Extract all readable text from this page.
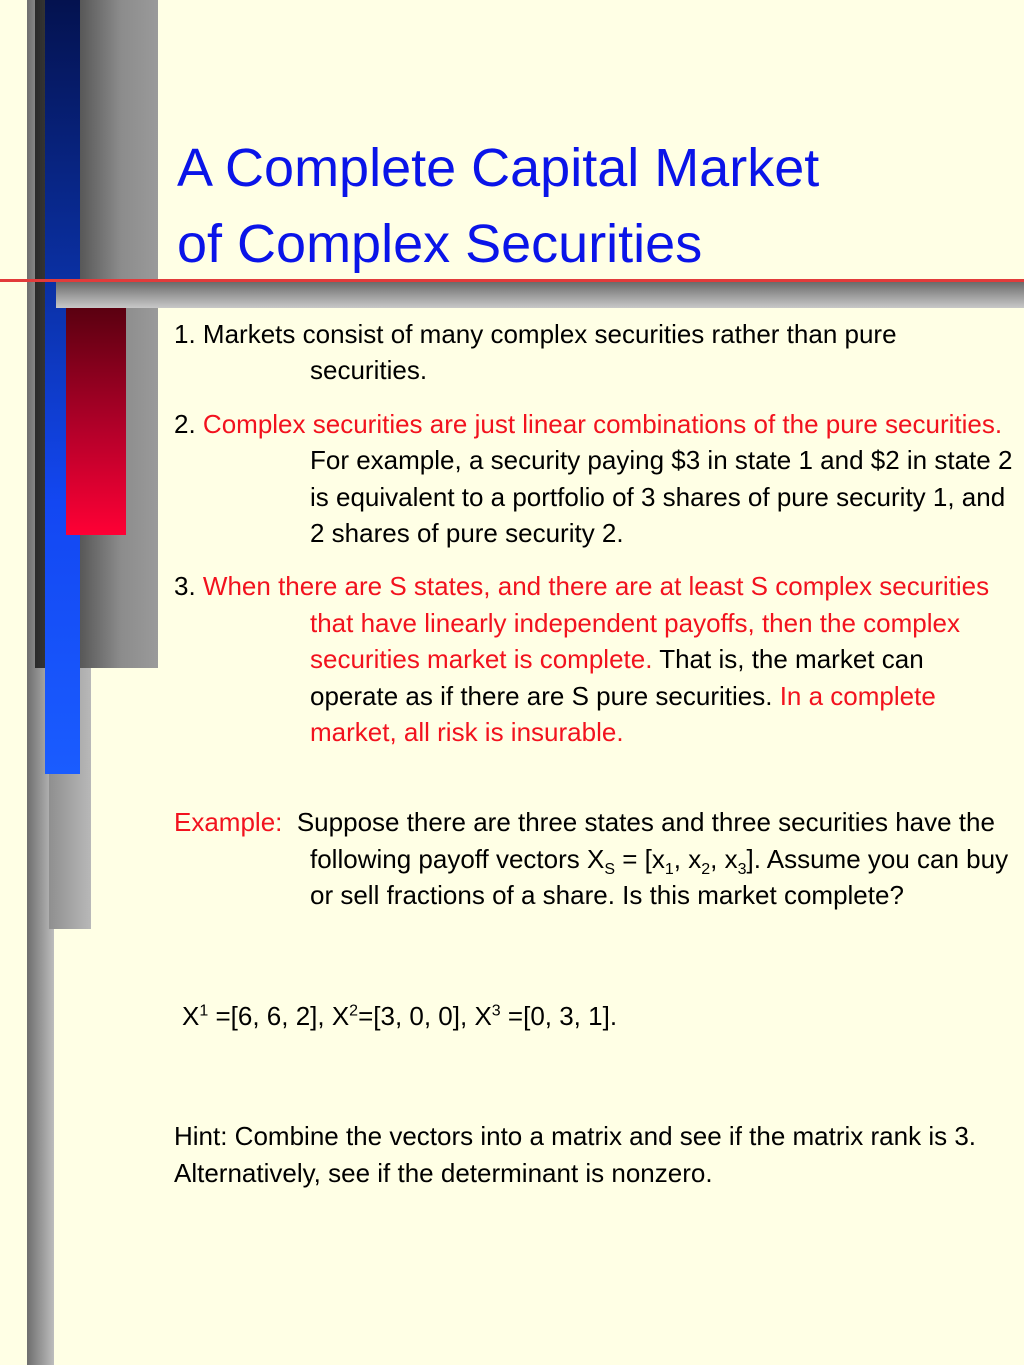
A Complete Capital Market
of Complex Securities

1. Markets consist of many complex securities rather than pure securities.

2. Complex securities are just linear combinations of the pure securities. For example, a security paying $3 in state 1 and $2 in state 2 is equivalent to a portfolio of 3 shares of pure security 1, and 2 shares of pure security 2.

3. When there are S states, and there are at least S complex securities that have linearly independent payoffs, then the complex securities market is complete. That is, the market can operate as if there are S pure securities. In a complete market, all risk is insurable.

Example: Suppose there are three states and three securities have the following payoff vectors $X_S = [x_1$, $x_2$, $x_3$]. Assume you can buy or sell fractions of a share. Is this market complete?

$X^1 =[6$, 6, 2], $X^2=[3$, 0, 0], $X^3 =[0$, 3, 1].

Hint: Combine the vectors into a matrix and see if the matrix rank is 3. Alternatively, see if the determinant is nonzero.
